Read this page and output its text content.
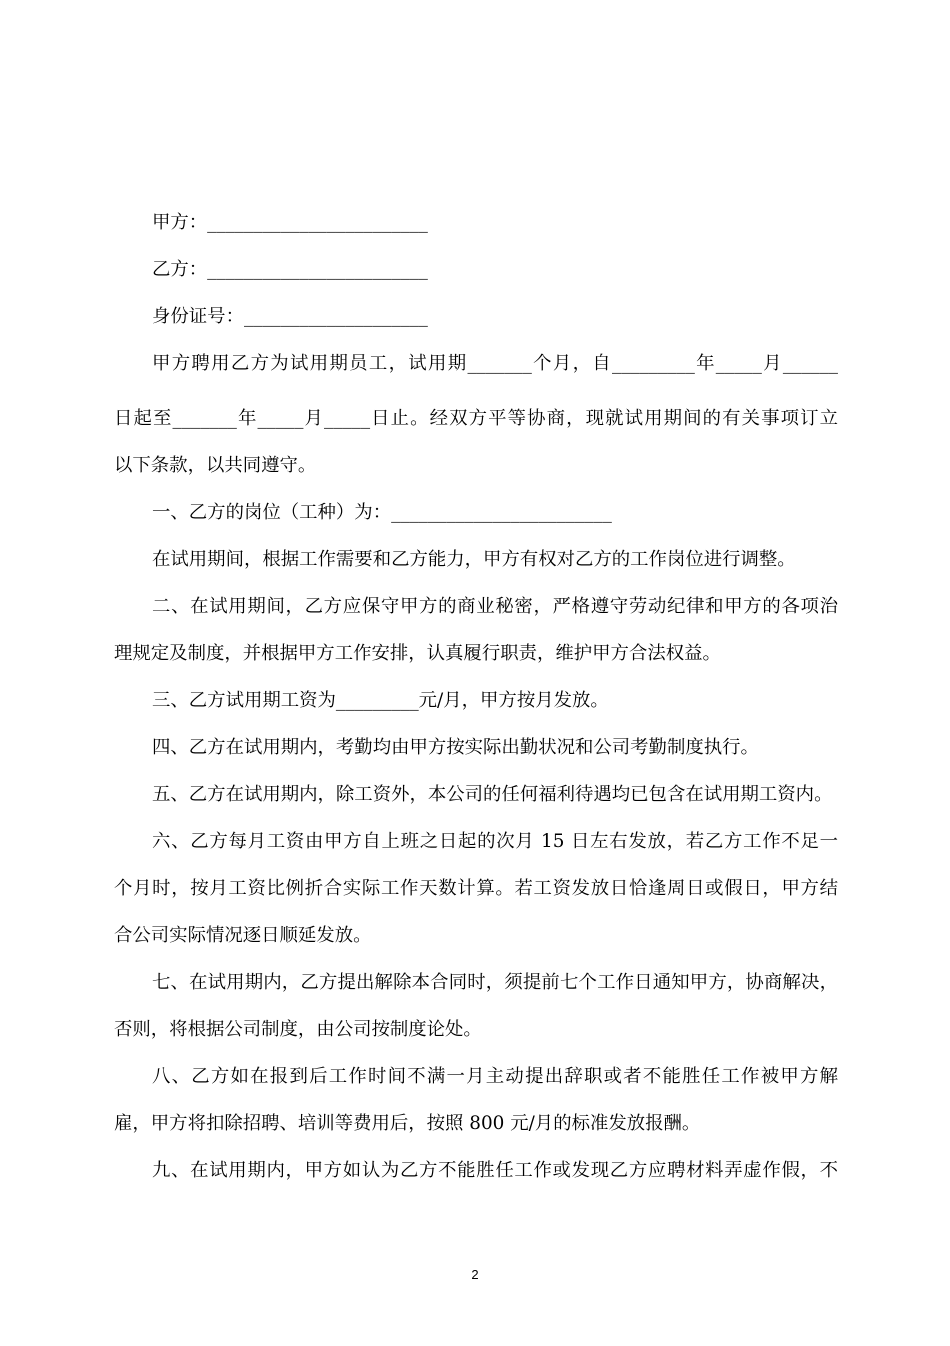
甲方：________________________
乙方：________________________
身份证号：____________________
甲方聘用乙方为试用期员工，试用期_______个月，自_________年_____月______
日起至_______年_____月_____日止。经双方平等协商，现就试用期间的有关事项订立
以下条款，以共同遵守。
一、乙方的岗位（工种）为：________________________
在试用期间，根据工作需要和乙方能力，甲方有权对乙方的工作岗位进行调整。
二、在试用期间，乙方应保守甲方的商业秘密，严格遵守劳动纪律和甲方的各项治
理规定及制度，并根据甲方工作安排，认真履行职责，维护甲方合法权益。
三、乙方试用期工资为_________元/月，甲方按月发放。
四、乙方在试用期内，考勤均由甲方按实际出勤状况和公司考勤制度执行。
五、乙方在试用期内，除工资外，本公司的任何福利待遇均已包含在试用期工资内。
六、乙方每月工资由甲方自上班之日起的次月 15 日左右发放，若乙方工作不足一
个月时，按月工资比例折合实际工作天数计算。若工资发放日恰逢周日或假日，甲方结
合公司实际情况逐日顺延发放。
七、在试用期内，乙方提出解除本合同时，须提前七个工作日通知甲方，协商解决，
否则，将根据公司制度，由公司按制度论处。
八、乙方如在报到后工作时间不满一月主动提出辞职或者不能胜任工作被甲方解
雇，甲方将扣除招聘、培训等费用后，按照 800 元/月的标准发放报酬。
九、在试用期内，甲方如认为乙方不能胜任工作或发现乙方应聘材料弄虚作假，不
2
